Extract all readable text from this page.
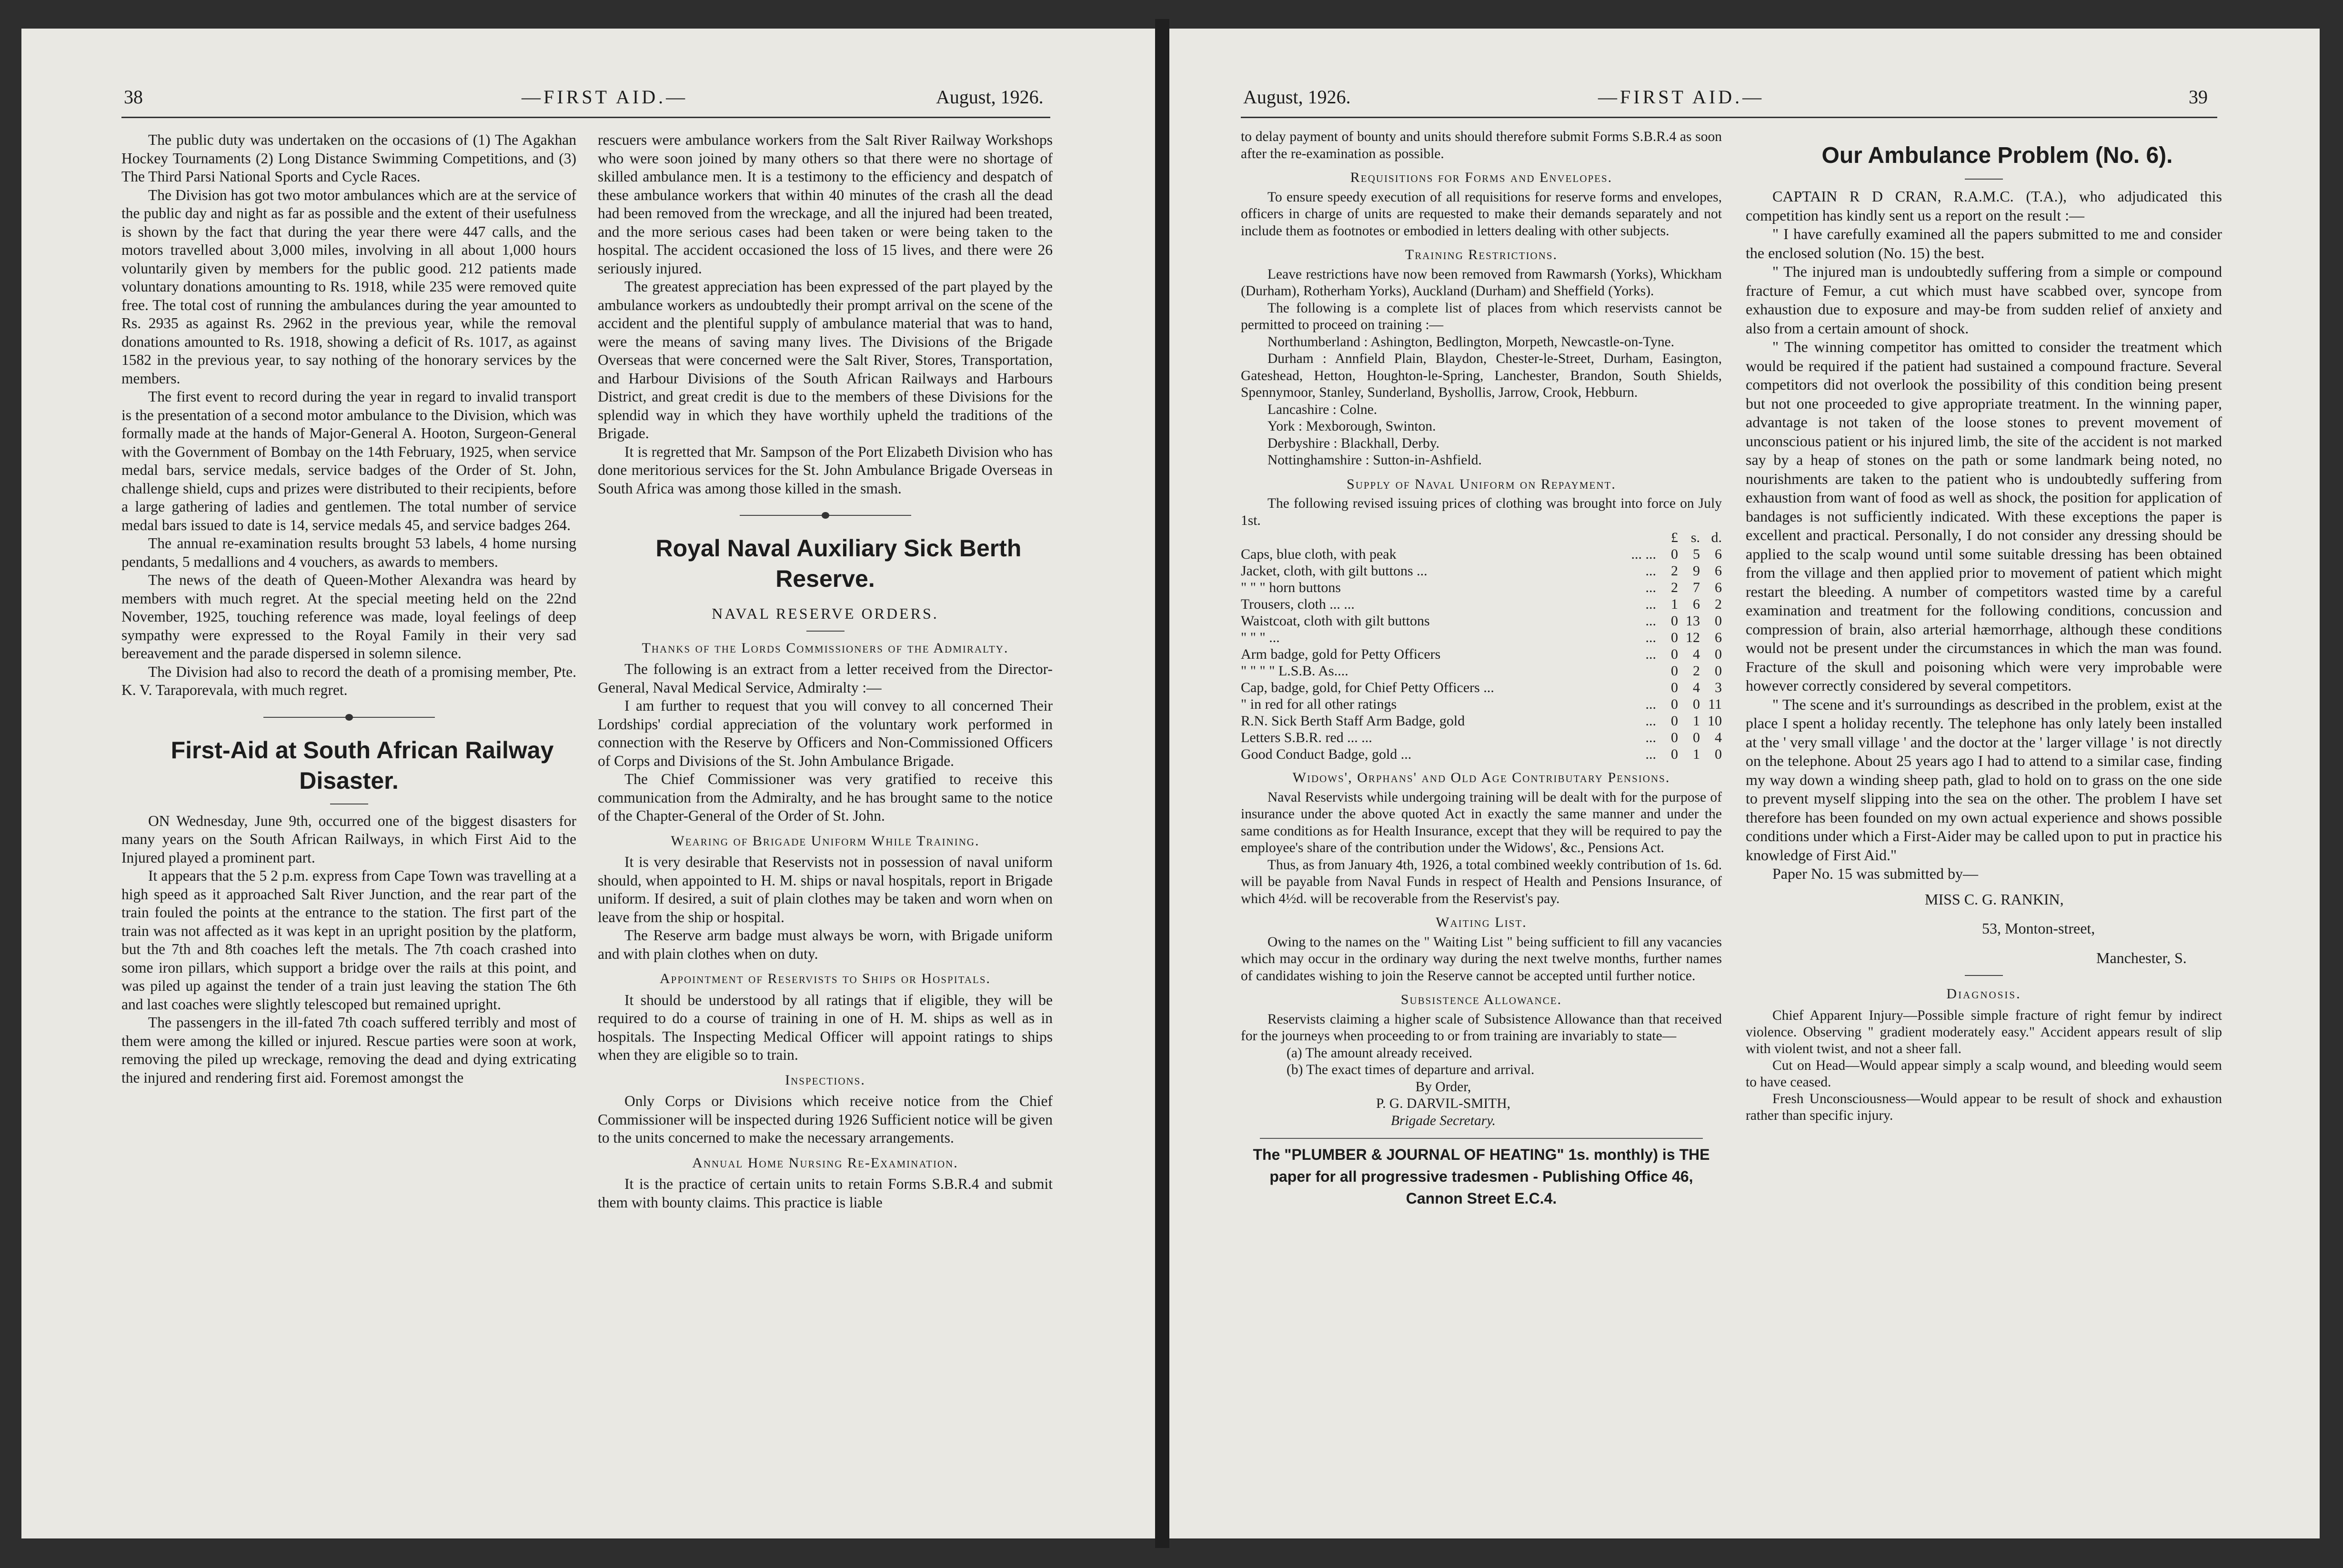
38	—FIRST AID.—	August, 1926.

The public duty was undertaken on the occasions of (1) The Agakhan Hockey Tournaments (2) Long Distance Swimming Competitions, and (3) The Third Parsi National Sports and Cycle Races.

The Division has got two motor ambulances which are at the service of the public day and night as far as possible and the extent of their usefulness is shown by the fact that during the year there were 447 calls, and the motors travelled about 3,000 miles, involving in all about 1,000 hours voluntarily given by members for the public good. 212 patients made voluntary donations amounting to Rs. 1918, while 235 were removed quite free. The total cost of running the ambulances during the year amounted to Rs. 2935 as against Rs. 2962 in the previous year, while the removal donations amounted to Rs. 1918, showing a deficit of Rs. 1017, as against 1582 in the previous year, to say nothing of the honorary services by the members.

The first event to record during the year in regard to invalid transport is the presentation of a second motor ambulance to the Division, which was formally made at the hands of Major-General A. Hooton, Surgeon-General with the Government of Bombay on the 14th February, 1925, when service medal bars, service medals, service badges of the Order of St. John, challenge shield, cups and prizes were distributed to their recipients, before a large gathering of ladies and gentlemen. The total number of service medal bars issued to date is 14, service medals 45, and service badges 264.

The annual re-examination results brought 53 labels, 4 home nursing pendants, 5 medallions and 4 vouchers, as awards to members.

The news of the death of Queen-Mother Alexandra was heard by members with much regret. At the special meeting held on the 22nd November, 1925, touching reference was made, loyal feelings of deep sympathy were expressed to the Royal Family in their very sad bereavement and the parade dispersed in solemn silence.

The Division had also to record the death of a promising member, Pte. K. V. Taraporevala, with much regret.

First-Aid at South African Railway Disaster.

ON Wednesday, June 9th, occurred one of the biggest disasters for many years on the South African Railways, in which First Aid to the Injured played a prominent part.

It appears that the 5 2 p.m. express from Cape Town was travelling at a high speed as it approached Salt River Junction, and the rear part of the train fouled the points at the entrance to the station. The first part of the train was not affected as it was kept in an upright position by the platform, but the 7th and 8th coaches left the metals. The 7th coach crashed into some iron pillars, which support a bridge over the rails at this point, and was piled up against the tender of a train just leaving the station The 6th and last coaches were slightly telescoped but remained upright.

The passengers in the ill-fated 7th coach suffered terribly and most of them were among the killed or injured. Rescue parties were soon at work, removing the piled up wreckage, removing the dead and dying extricating the injured and rendering first aid. Foremost amongst the

rescuers were ambulance workers from the Salt River Railway Workshops who were soon joined by many others so that there were no shortage of skilled ambulance men. It is a testimony to the efficiency and despatch of these ambulance workers that within 40 minutes of the crash all the dead had been removed from the wreckage, and all the injured had been treated, and the more serious cases had been taken or were being taken to the hospital. The accident occasioned the loss of 15 lives, and there were 26 seriously injured.

The greatest appreciation has been expressed of the part played by the ambulance workers as undoubtedly their prompt arrival on the scene of the accident and the plentiful supply of ambulance material that was to hand, were the means of saving many lives. The Divisions of the Brigade Overseas that were concerned were the Salt River, Stores, Transportation, and Harbour Divisions of the South African Railways and Harbours District, and great credit is due to the members of these Divisions for the splendid way in which they have worthily upheld the traditions of the Brigade.

It is regretted that Mr. Sampson of the Port Elizabeth Division who has done meritorious services for the St. John Ambulance Brigade Overseas in South Africa was among those killed in the smash.

Royal Naval Auxiliary Sick Berth Reserve.

NAVAL RESERVE ORDERS.
Thanks of the Lords Commissioners of the Admiralty.

The following is an extract from a letter received from the Director-General, Naval Medical Service, Admiralty :—

I am further to request that you will convey to all concerned Their Lordships' cordial appreciation of the voluntary work performed in connection with the Reserve by Officers and Non-Commissioned Officers of Corps and Divisions of the St. John Ambulance Brigade.

The Chief Commissioner was very gratified to receive this communication from the Admiralty, and he has brought same to the notice of the Chapter-General of the Order of St. John.

Wearing of Brigade Uniform While Training.

It is very desirable that Reservists not in possession of naval uniform should, when appointed to H. M. ships or naval hospitals, report in Brigade uniform. If desired, a suit of plain clothes may be taken and worn when on leave from the ship or hospital.

The Reserve arm badge must always be worn, with Brigade uniform and with plain clothes when on duty.

Appointment of Reservists to Ships or Hospitals.

It should be understood by all ratings that if eligible, they will be required to do a course of training in one of H. M. ships as well as in hospitals. The Inspecting Medical Officer will appoint ratings to ships when they are eligible so to train.

Inspections.

Only Corps or Divisions which receive notice from the Chief Commissioner will be inspected during 1926 Sufficient notice will be given to the units concerned to make the necessary arrangements.

Annual Home Nursing Re-Examination.

It is the practice of certain units to retain Forms S.B.R.4 and submit them with bounty claims. This practice is liable

August, 1926.	—FIRST AID.—	39

to delay payment of bounty and units should therefore submit Forms S.B.R.4 as soon after the re-examination as possible.

Requisitions for Forms and Envelopes.

To ensure speedy execution of all requisitions for reserve forms and envelopes, officers in charge of units are requested to make their demands separately and not include them as footnotes or embodied in letters dealing with other subjects.

Training Restrictions.

Leave restrictions have now been removed from Rawmarsh (Yorks), Whickham (Durham), Rotherham Yorks), Auckland (Durham) and Sheffield (Yorks).

The following is a complete list of places from which reservists cannot be permitted to proceed on training :—

Northumberland : Ashington, Bedlington, Morpeth, Newcastle-on-Tyne.

Durham : Annfield Plain, Blaydon, Chester-le-Street, Durham, Easington, Gateshead, Hetton, Houghton-le-Spring, Lanchester, Brandon, South Shields, Spennymoor, Stanley, Sunderland, Byshollis, Jarrow, Crook, Hebburn.

Lancashire : Colne.

York : Mexborough, Swinton.

Derbyshire : Blackhall, Derby.

Nottinghamshire : Sutton-in-Ashfield.

Supply of Naval Uniform on Repayment.

The following revised issuing prices of clothing was brought into force on July 1st.

		£	s.	d.
Caps, blue cloth, with peak	... ...	0	5	6
Jacket, cloth, with gilt buttons ...	...	2	9	6
" " " horn buttons	...	2	7	6
Trousers, cloth ... ...	...	1	6	2
Waistcoat, cloth with gilt buttons	...	0	13	0
" " " ...	...	0	12	6
Arm badge, gold for Petty Officers	...	0	4	0
" " " " L.S.B. As....		0	2	0
Cap, badge, gold, for Chief Petty Officers ...		0	4	3
" in red for all other ratings	...	0	0	11
R.N. Sick Berth Staff Arm Badge, gold	...	0	1	10
Letters S.B.R. red ... ...	...	0	0	4
Good Conduct Badge, gold ...	...	0	1	0
Widows', Orphans' and Old Age Contributary Pensions.

Naval Reservists while undergoing training will be dealt with for the purpose of insurance under the above quoted Act in exactly the same manner and under the same conditions as for Health Insurance, except that they will be required to pay the employee's share of the contribution under the Widows', &c., Pensions Act.

Thus, as from January 4th, 1926, a total combined weekly contribution of 1s. 6d. will be payable from Naval Funds in respect of Health and Pensions Insurance, of which 4½d. will be recoverable from the Reservist's pay.

Waiting List.

Owing to the names on the " Waiting List " being sufficient to fill any vacancies which may occur in the ordinary way during the next twelve months, further names of candidates wishing to join the Reserve cannot be accepted until further notice.

Subsistence Allowance.

Reservists claiming a higher scale of Subsistence Allowance than that received for the journeys when proceeding to or from training are invariably to state—

(a) The amount already received.

(b) The exact times of departure and arrival.

By Order,
P. G. DARVIL-SMITH,
Brigade Secretary.
The "PLUMBER & JOURNAL OF HEATING" 1s. monthly) is THE paper for all progressive tradesmen - Publishing Office 46, Cannon Street E.C.4.

Our Ambulance Problem (No. 6).

CAPTAIN R D CRAN, R.A.M.C. (T.A.), who adjudicated this competition has kindly sent us a report on the result :—

" I have carefully examined all the papers submitted to me and consider the enclosed solution (No. 15) the best.

" The injured man is undoubtedly suffering from a simple or compound fracture of Femur, a cut which must have scabbed over, syncope from exhaustion due to exposure and may-be from sudden relief of anxiety and also from a certain amount of shock.

" The winning competitor has omitted to consider the treatment which would be required if the patient had sustained a compound fracture. Several competitors did not overlook the possibility of this condition being present but not one proceeded to give appropriate treatment. In the winning paper, advantage is not taken of the loose stones to prevent movement of unconscious patient or his injured limb, the site of the accident is not marked say by a heap of stones on the path or some landmark being noted, no nourishments are taken to the patient who is undoubtedly suffering from exhaustion from want of food as well as shock, the position for application of bandages is not sufficiently indicated. With these exceptions the paper is excellent and practical. Personally, I do not consider any dressing should be applied to the scalp wound until some suitable dressing has been obtained from the village and then applied prior to movement of patient which might restart the bleeding. A number of competitors wasted time by a careful examination and treatment for the following conditions, concussion and compression of brain, also arterial hæmorrhage, although these conditions would not be present under the circumstances in which the man was found. Fracture of the skull and poisoning which were very improbable were however correctly considered by several competitors.

" The scene and it's surroundings as described in the problem, exist at the place I spent a holiday recently. The telephone has only lately been installed at the ' very small village ' and the doctor at the ' larger village ' is not directly on the telephone. About 25 years ago I had to attend to a similar case, finding my way down a winding sheep path, glad to hold on to grass on the one side to prevent myself slipping into the sea on the other. The problem I have set therefore has been founded on my own actual experience and shows possible conditions under which a First-Aider may be called upon to put in practice his knowledge of First Aid."

Paper No. 15 was submitted by—

MISS C. G. RANKIN,

53, Monton-street,

Manchester, S.

Diagnosis.

Chief Apparent Injury—Possible simple fracture of right femur by indirect violence. Observing " gradient moderately easy." Accident appears result of slip with violent twist, and not a sheer fall.

Cut on Head—Would appear simply a scalp wound, and bleeding would seem to have ceased.

Fresh Unconsciousness—Would appear to be result of shock and exhaustion rather than specific injury.
